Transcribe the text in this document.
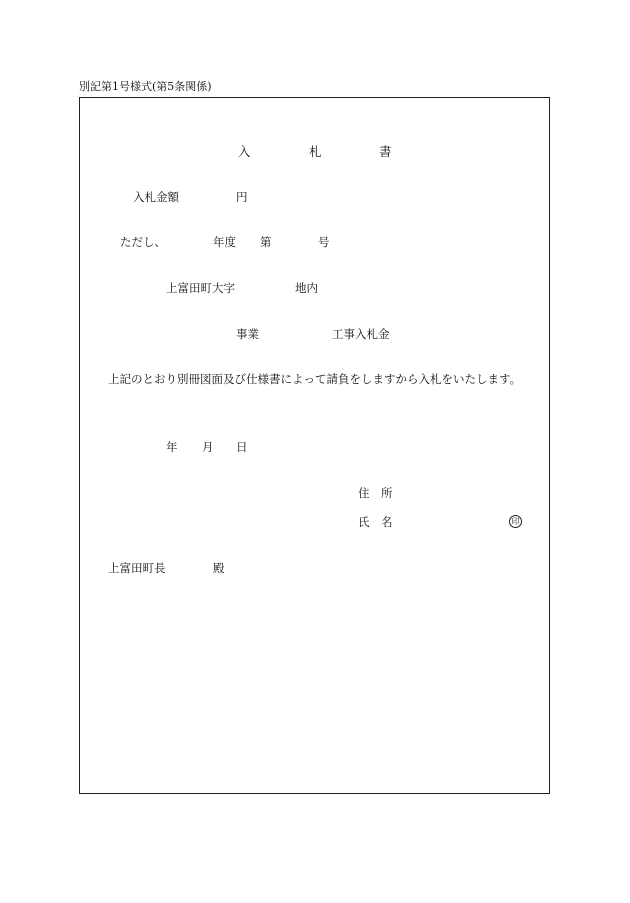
別記第1号様式(第5条関係)
入	札	書
入札金額	円
ただし、	年度 第	号
上富田町大字	地内
事業	工事入札金
上記のとおり別冊図面及び仕様書によって請負をしますから入札をいたします。
年 月 日
住　所
氏　名	印
上富田町長	殿
